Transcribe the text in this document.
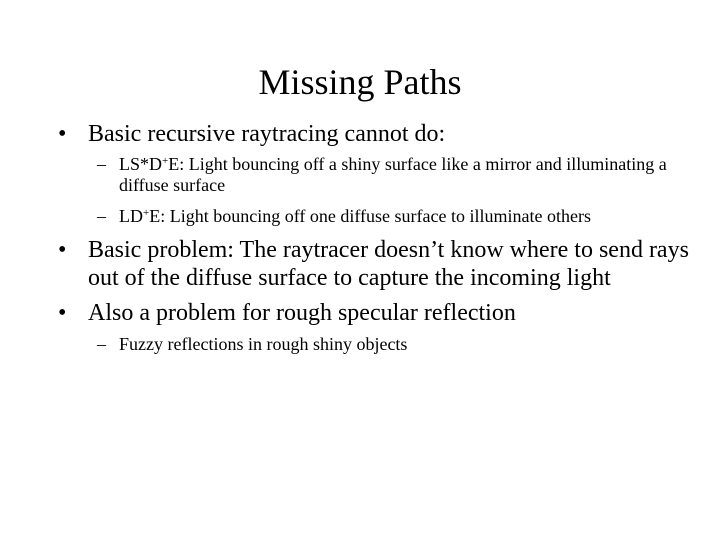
Missing Paths
• Basic recursive raytracing cannot do:
– LS*D+E: Light bouncing off a shiny surface like a mirror and illuminating a diffuse surface
– LD+E: Light bouncing off one diffuse surface to illuminate others
• Basic problem: The raytracer doesn’t know where to send rays out of the diffuse surface to capture the incoming light
• Also a problem for rough specular reflection
– Fuzzy reflections in rough shiny objects
